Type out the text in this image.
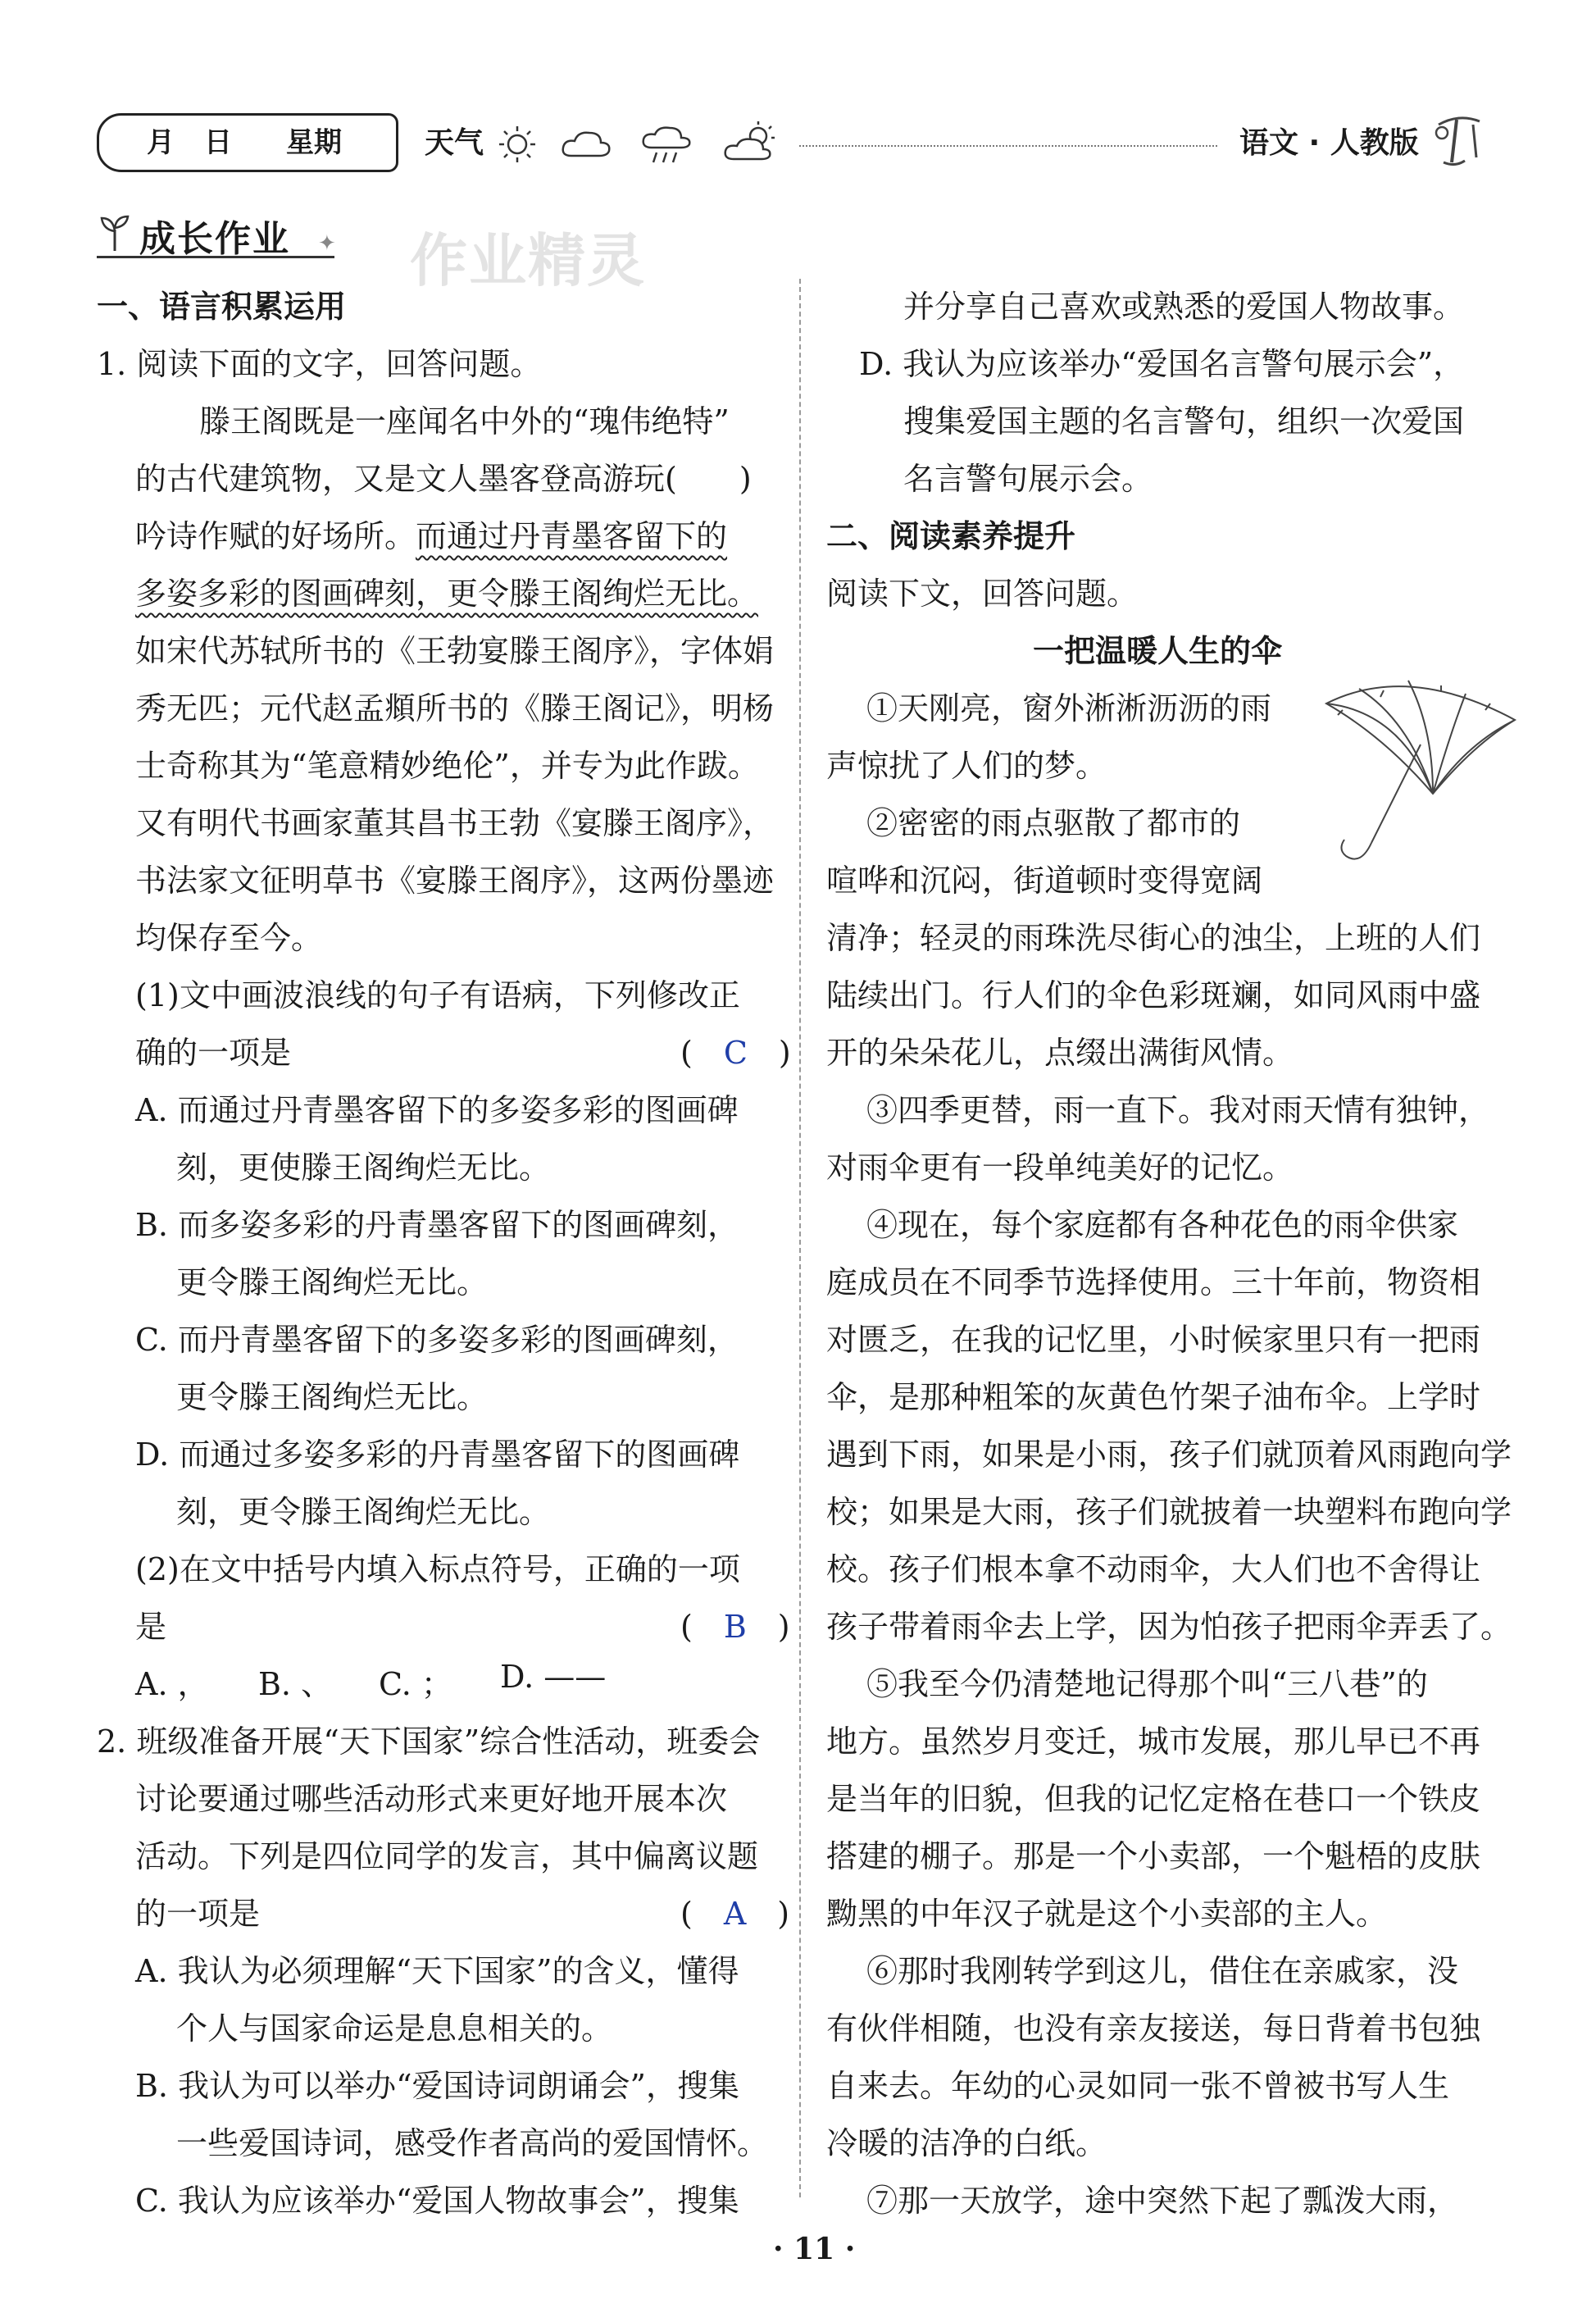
月 日 星期	天气	语文 · 人教版
成长作业 ✦ 作业精灵
一、语言积累运用
1. 阅读下面的文字，回答问题。
滕王阁既是一座闻名中外的“瑰伟绝特”
的古代建筑物，又是文人墨客登高游玩(　　)
吟诗作赋的好场所。而通过丹青墨客留下的
多姿多彩的图画碑刻，更令滕王阁绚烂无比。
如宋代苏轼所书的《王勃宴滕王阁序》，字体娟
秀无匹；元代赵孟頫所书的《滕王阁记》，明杨
士奇称其为“笔意精妙绝伦”，并专为此作跋。
又有明代书画家董其昌书王勃《宴滕王阁序》，
书法家文征明草书《宴滕王阁序》，这两份墨迹
均保存至今。
(1)文中画波浪线的句子有语病，下列修改正
确的一项是	(　C　)
A. 而通过丹青墨客留下的多姿多彩的图画碑
刻，更使滕王阁绚烂无比。
B. 而多姿多彩的丹青墨客留下的图画碑刻，
更令滕王阁绚烂无比。
C. 而丹青墨客留下的多姿多彩的图画碑刻，
更令滕王阁绚烂无比。
D. 而通过多姿多彩的丹青墨客留下的图画碑
刻，更令滕王阁绚烂无比。
(2)在文中括号内填入标点符号，正确的一项
是	(　B　)
A. ， B. 、 C. ； D. ——
2. 班级准备开展“天下国家”综合性活动，班委会
讨论要通过哪些活动形式来更好地开展本次
活动。下列是四位同学的发言，其中偏离议题
的一项是	(　A　)
A. 我认为必须理解“天下国家”的含义，懂得
个人与国家命运是息息相关的。
B. 我认为可以举办“爱国诗词朗诵会”，搜集
一些爱国诗词，感受作者高尚的爱国情怀。
C. 我认为应该举办“爱国人物故事会”，搜集
并分享自己喜欢或熟悉的爱国人物故事。
D. 我认为应该举办“爱国名言警句展示会”，
搜集爱国主题的名言警句，组织一次爱国
名言警句展示会。
二、阅读素养提升
阅读下文，回答问题。
一把温暖人生的伞
①天刚亮，窗外淅淅沥沥的雨
声惊扰了人们的梦。
②密密的雨点驱散了都市的
喧哗和沉闷，街道顿时变得宽阔
清净；轻灵的雨珠洗尽街心的浊尘，上班的人们
陆续出门。行人们的伞色彩斑斓，如同风雨中盛
开的朵朵花儿，点缀出满街风情。
③四季更替，雨一直下。我对雨天情有独钟，
对雨伞更有一段单纯美好的记忆。
④现在，每个家庭都有各种花色的雨伞供家
庭成员在不同季节选择使用。三十年前，物资相
对匮乏，在我的记忆里，小时候家里只有一把雨
伞，是那种粗笨的灰黄色竹架子油布伞。上学时
遇到下雨，如果是小雨，孩子们就顶着风雨跑向学
校；如果是大雨，孩子们就披着一块塑料布跑向学
校。孩子们根本拿不动雨伞，大人们也不舍得让
孩子带着雨伞去上学，因为怕孩子把雨伞弄丢了。
⑤我至今仍清楚地记得那个叫“三八巷”的
地方。虽然岁月变迁，城市发展，那儿早已不再
是当年的旧貌，但我的记忆定格在巷口一个铁皮
搭建的棚子。那是一个小卖部，一个魁梧的皮肤
黝黑的中年汉子就是这个小卖部的主人。
⑥那时我刚转学到这儿，借住在亲戚家，没
有伙伴相随，也没有亲友接送，每日背着书包独
自来去。年幼的心灵如同一张不曾被书写人生
冷暖的洁净的白纸。
⑦那一天放学，途中突然下起了瓢泼大雨，
· 11 ·
